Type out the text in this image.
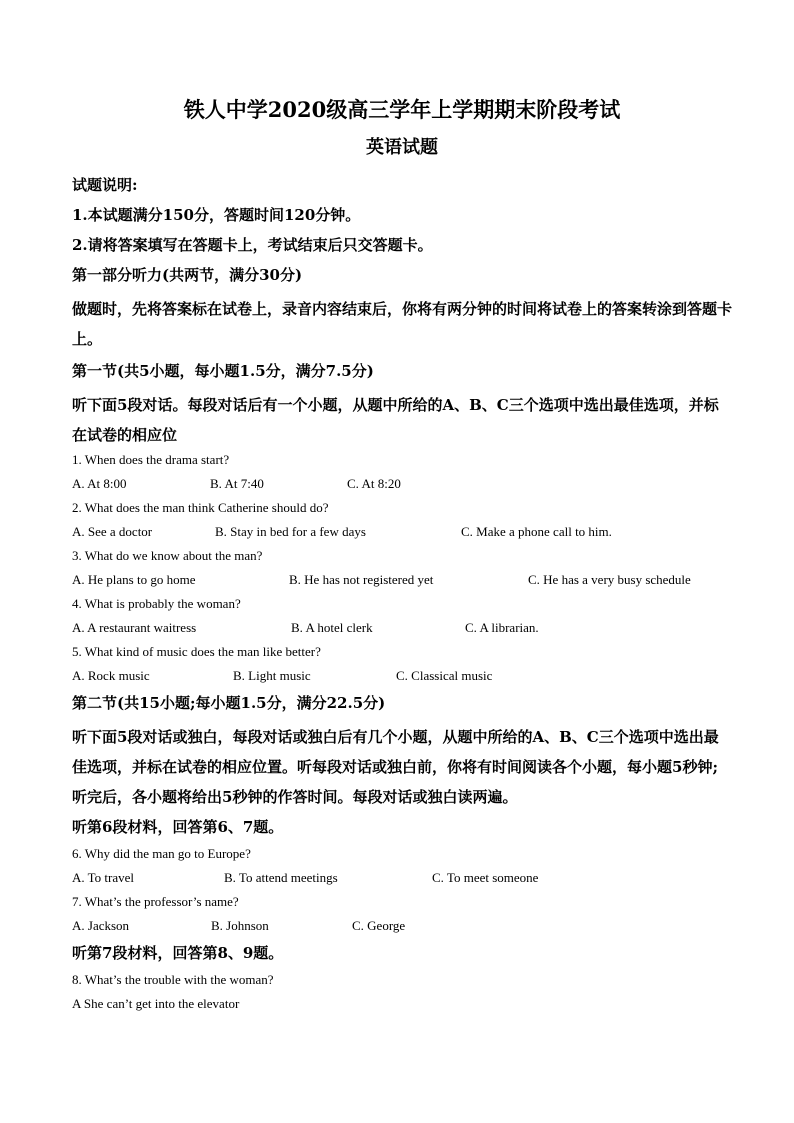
铁人中学2020级高三学年上学期期末阶段考试
英语试题
试题说明:
1.本试题满分150分，答题时间120分钟。
2.请将答案填写在答题卡上，考试结束后只交答题卡。
第一部分听力(共两节，满分30分)
做题时，先将答案标在试卷上，录音内容结束后，你将有两分钟的时间将试卷上的答案转涂到答题卡上。
第一节(共5小题，每小题1.5分，满分7.5分)
听下面5段对话。每段对话后有一个小题，从题中所给的A、B、C三个选项中选出最佳选项，并标在试卷的相应位
1. When does the drama start?
A. At 8:00	B. At 7:40	C. At 8:20
2. What does the man think Catherine should do?
A. See a doctor	B. Stay in bed for a few days	C. Make a phone call to him.
3. What do we know about the man?
A. He plans to go home	B. He has not registered yet	C. He has a very busy schedule
4. What is probably the woman?
A. A restaurant waitress	B. A hotel clerk	C. A librarian.
5. What kind of music does the man like better?
A. Rock music	B. Light music	C. Classical music
第二节(共15小题;每小题1.5分，满分22.5分)
听下面5段对话或独白，每段对话或独白后有几个小题，从题中所给的A、B、C三个选项中选出最佳选项，并标在试卷的相应位置。听每段对话或独白前，你将有时间阅读各个小题，每小题5秒钟;听完后，各小题将给出5秒钟的作答时间。每段对话或独白读两遍。
听第6段材料，回答第6、7题。
6. Why did the man go to Europe?
A. To travel	B. To attend meetings	C. To meet someone
7. What’s the professor’s name?
A. Jackson	B. Johnson	C. George
听第7段材料，回答第8、9题。
8. What’s the trouble with the woman?
A She can’t get into the elevator
